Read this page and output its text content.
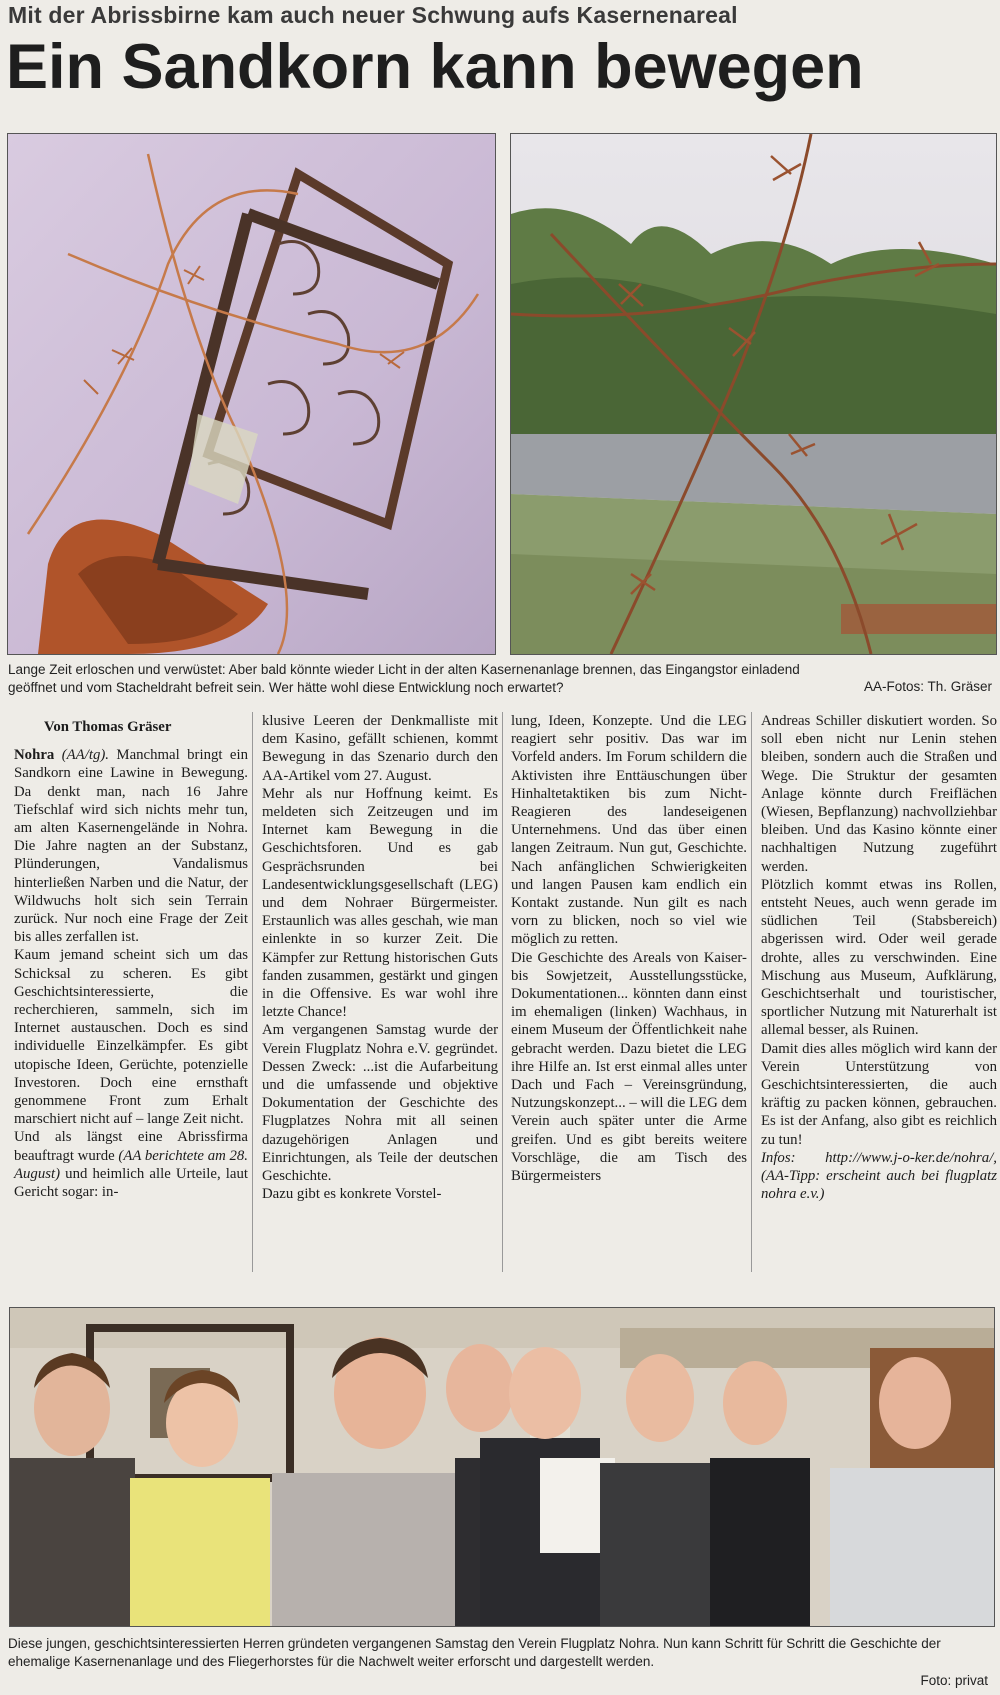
Mit der Abrissbirne kam auch neuer Schwung aufs Kasernenareal
Ein Sandkorn kann bewegen
Lange Zeit erloschen und verwüstet: Aber bald könnte wieder Licht in der alten Kasernenanlage brennen, das Eingangstor einladend geöffnet und vom Stacheldraht befreit sein. Wer hätte wohl diese Entwicklung noch erwartet?	AA-Fotos: Th. Gräser

Von Thomas Gräser

Nohra (AA/tg). Manchmal bringt ein Sandkorn eine Lawine in Bewegung. Da denkt man, nach 16 Jahre Tiefschlaf wird sich nichts mehr tun, am alten Kasernengelände in Nohra. Die Jahre nagten an der Substanz, Plünderungen, Vandalismus hinterließen Narben und die Natur, der Wildwuchs holt sich sein Terrain zurück. Nur noch eine Frage der Zeit bis alles zerfallen ist.

Kaum jemand scheint sich um das Schicksal zu scheren. Es gibt Geschichtsinteressierte, die recherchieren, sammeln, sich im Internet austauschen. Doch es sind individuelle Einzelkämpfer. Es gibt utopische Ideen, Gerüchte, potenzielle Investoren. Doch eine ernsthaft genommene Front zum Erhalt marschiert nicht auf – lange Zeit nicht.

Und als längst eine Abrissfirma beauftragt wurde (AA berichtete am 28. August) und heimlich alle Urteile, laut Gericht sogar: in-

klusive Leeren der Denkmalliste mit dem Kasino, gefällt schienen, kommt Bewegung in das Szenario durch den AA-Artikel vom 27. August.

Mehr als nur Hoffnung keimt. Es meldeten sich Zeitzeugen und im Internet kam Bewegung in die Geschichtsforen. Und es gab Gesprächsrunden bei Landesentwicklungsgesellschaft (LEG) und dem Nohraer Bürgermeister. Erstaunlich was alles geschah, wie man einlenkte in so kurzer Zeit. Die Kämpfer zur Rettung historischen Guts fanden zusammen, gestärkt und gingen in die Offensive. Es war wohl ihre letzte Chance!

Am vergangenen Samstag wurde der Verein Flugplatz Nohra e.V. gegründet. Dessen Zweck: ...ist die Aufarbeitung und die umfassende und objektive Dokumentation der Geschichte des Flugplatzes Nohra mit all seinen dazugehörigen Anlagen und Einrichtungen, als Teile der deutschen Geschichte.

Dazu gibt es konkrete Vorstel-

lung, Ideen, Konzepte. Und die LEG reagiert sehr positiv. Das war im Vorfeld anders. Im Forum schildern die Aktivisten ihre Enttäuschungen über Hinhaltetaktiken bis zum Nicht-Reagieren des landeseigenen Unternehmens. Und das über einen langen Zeitraum. Nun gut, Geschichte. Nach anfänglichen Schwierigkeiten und langen Pausen kam endlich ein Kontakt zustande. Nun gilt es nach vorn zu blicken, noch so viel wie möglich zu retten.

Die Geschichte des Areals von Kaiser- bis Sowjetzeit, Ausstellungsstücke, Dokumentationen... könnten dann einst im ehemaligen (linken) Wachhaus, in einem Museum der Öffentlichkeit nahe gebracht werden. Dazu bietet die LEG ihre Hilfe an. Ist erst einmal alles unter Dach und Fach – Vereinsgründung, Nutzungskonzept... – will die LEG dem Verein auch später unter die Arme greifen. Und es gibt bereits weitere Vorschläge, die am Tisch des Bürgermeisters

Andreas Schiller diskutiert worden. So soll eben nicht nur Lenin stehen bleiben, sondern auch die Straßen und Wege. Die Struktur der gesamten Anlage könnte durch Freiflächen (Wiesen, Bepflanzung) nachvollziehbar bleiben. Und das Kasino könnte einer nachhaltigen Nutzung zugeführt werden.

Plötzlich kommt etwas ins Rollen, entsteht Neues, auch wenn gerade im südlichen Teil (Stabsbereich) abgerissen wird. Oder weil gerade drohte, alles zu verschwinden. Eine Mischung aus Museum, Aufklärung, Geschichtserhalt und touristischer, sportlicher Nutzung mit Naturerhalt ist allemal besser, als Ruinen.

Damit dies alles möglich wird kann der Verein Unterstützung von Geschichtsinteressierten, die auch kräftig zu packen können, gebrauchen. Es ist der Anfang, also gibt es reichlich zu tun!

Infos: http://www.j-o-ker.de/nohra/, (AA-Tipp: erscheint auch bei flugplatz nohra e.v.)

Diese jungen, geschichtsinteressierten Herren gründeten vergangenen Samstag den Verein Flugplatz Nohra. Nun kann Schritt für Schritt die Geschichte der ehemalige Kasernenanlage und des Fliegerhorstes für die Nachwelt weiter erforscht und dargestellt werden.
Foto: privat
